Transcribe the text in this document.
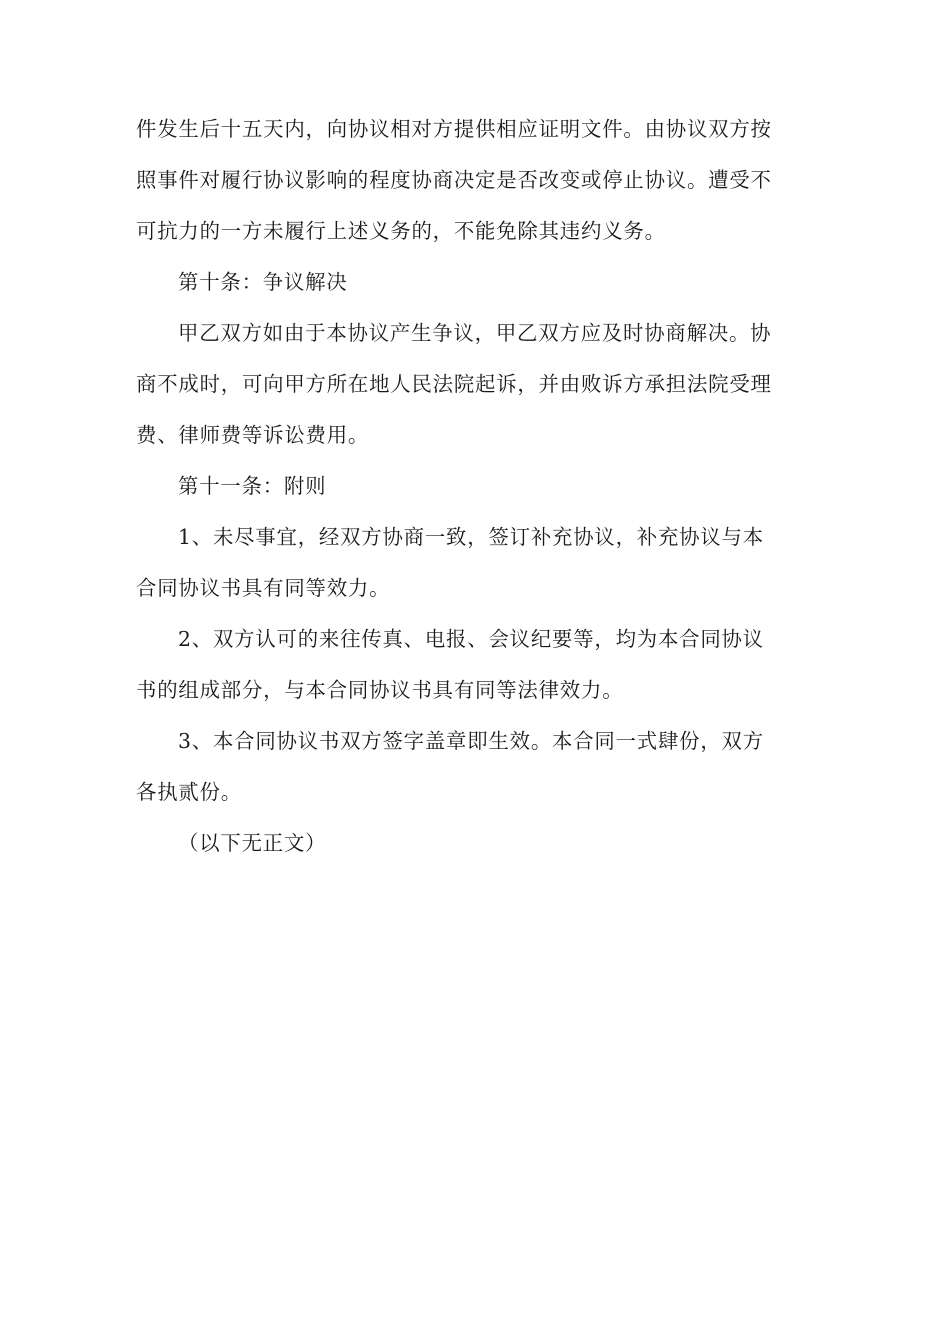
件发生后十五天内，向协议相对方提供相应证明文件。由协议双方按
照事件对履行协议影响的程度协商决定是否改变或停止协议。遭受不
可抗力的一方未履行上述义务的，不能免除其违约义务。
第十条：争议解决
甲乙双方如由于本协议产生争议，甲乙双方应及时协商解决。协
商不成时，可向甲方所在地人民法院起诉，并由败诉方承担法院受理
费、律师费等诉讼费用。
第十一条：附则
1、未尽事宜，经双方协商一致，签订补充协议，补充协议与本
合同协议书具有同等效力。
2、双方认可的来往传真、电报、会议纪要等，均为本合同协议
书的组成部分，与本合同协议书具有同等法律效力。
3、本合同协议书双方签字盖章即生效。本合同一式肆份，双方
各执贰份。
（以下无正文）
